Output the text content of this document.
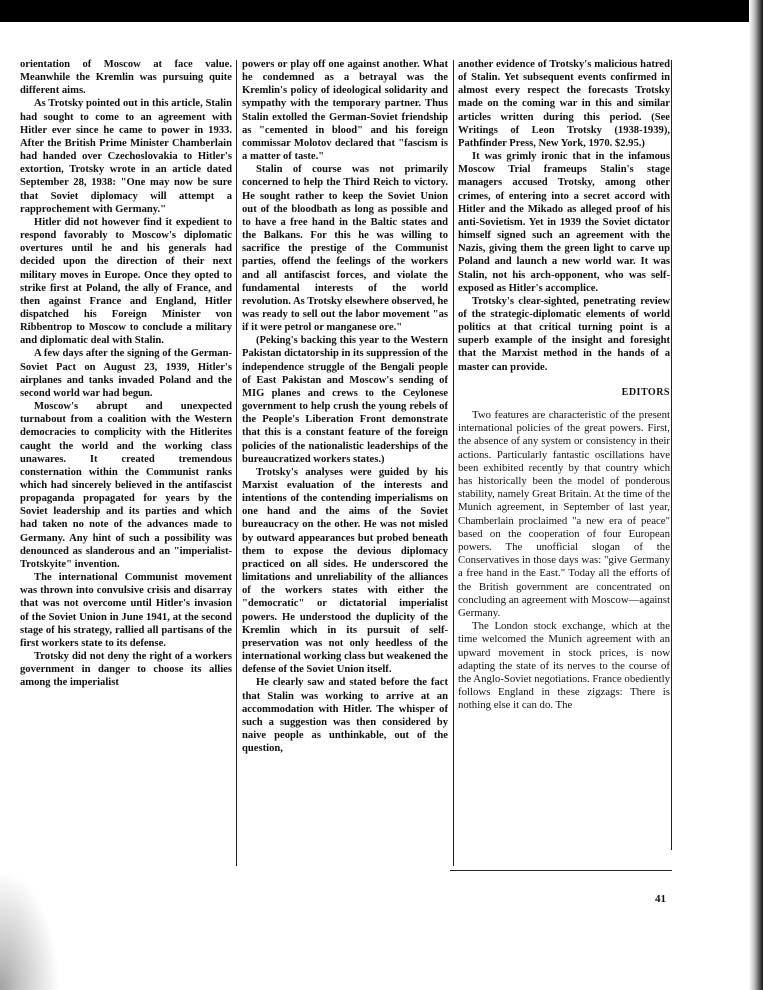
orientation of Moscow at face value. Meanwhile the Kremlin was pursuing quite different aims.

As Trotsky pointed out in this article, Stalin had sought to come to an agreement with Hitler ever since he came to power in 1933. After the British Prime Minister Chamberlain had handed over Czechoslovakia to Hitler's extortion, Trotsky wrote in an article dated September 28, 1938: "One may now be sure that Soviet diplomacy will attempt a rapprochement with Germany."

Hitler did not however find it expedient to respond favorably to Moscow's diplomatic overtures until he and his generals had decided upon the direction of their next military moves in Europe. Once they opted to strike first at Poland, the ally of France, and then against France and England, Hitler dispatched his Foreign Minister von Ribbentrop to Moscow to conclude a military and diplomatic deal with Stalin.

A few days after the signing of the German-Soviet Pact on August 23, 1939, Hitler's airplanes and tanks invaded Poland and the second world war had begun.

Moscow's abrupt and unexpected turnabout from a coalition with the Western democracies to complicity with the Hitlerites caught the world and the working class unawares. It created tremendous consternation within the Communist ranks which had sincerely believed in the antifascist propaganda propagated for years by the Soviet leadership and its parties and which had taken no note of the advances made to Germany. Any hint of such a possibility was denounced as slanderous and an "imperialist-Trotskyite" invention.

The international Communist movement was thrown into convulsive crisis and disarray that was not overcome until Hitler's invasion of the Soviet Union in June 1941, at the second stage of his strategy, rallied all partisans of the first workers state to its defense.

Trotsky did not deny the right of a workers government in danger to choose its allies among the imperialist

powers or play off one against another. What he condemned as a betrayal was the Kremlin's policy of ideological solidarity and sympathy with the temporary partner. Thus Stalin extolled the German-Soviet friendship as "cemented in blood" and his foreign commissar Molotov declared that "fascism is a matter of taste."

Stalin of course was not primarily concerned to help the Third Reich to victory. He sought rather to keep the Soviet Union out of the bloodbath as long as possible and to have a free hand in the Baltic states and the Balkans. For this he was willing to sacrifice the prestige of the Communist parties, offend the feelings of the workers and all antifascist forces, and violate the fundamental interests of the world revolution. As Trotsky elsewhere observed, he was ready to sell out the labor movement "as if it were petrol or manganese ore."

(Peking's backing this year to the Western Pakistan dictatorship in its suppression of the independence struggle of the Bengali people of East Pakistan and Moscow's sending of MIG planes and crews to the Ceylonese government to help crush the young rebels of the People's Liberation Front demonstrate that this is a constant feature of the foreign policies of the nationalistic leaderships of the bureaucratized workers states.)

Trotsky's analyses were guided by his Marxist evaluation of the interests and intentions of the contending imperialisms on one hand and the aims of the Soviet bureaucracy on the other. He was not misled by outward appearances but probed beneath them to expose the devious diplomacy practiced on all sides. He underscored the limitations and unreliability of the alliances of the workers states with either the "democratic" or dictatorial imperialist powers. He understood the duplicity of the Kremlin which in its pursuit of self-preservation was not only heedless of the international working class but weakened the defense of the Soviet Union itself.

He clearly saw and stated before the fact that Stalin was working to arrive at an accommodation with Hitler. The whisper of such a suggestion was then considered by naive people as unthinkable, out of the question,

another evidence of Trotsky's malicious hatred of Stalin. Yet subsequent events confirmed in almost every respect the forecasts Trotsky made on the coming war in this and similar articles written during this period. (See Writings of Leon Trotsky (1938-1939), Pathfinder Press, New York, 1970. $2.95.)

It was grimly ironic that in the infamous Moscow Trial frameups Stalin's stage managers accused Trotsky, among other crimes, of entering into a secret accord with Hitler and the Mikado as alleged proof of his anti-Sovietism. Yet in 1939 the Soviet dictator himself signed such an agreement with the Nazis, giving them the green light to carve up Poland and launch a new world war. It was Stalin, not his arch-opponent, who was self-exposed as Hitler's accomplice.

Trotsky's clear-sighted, penetrating review of the strategic-diplomatic elements of world politics at that critical turning point is a superb example of the insight and foresight that the Marxist method in the hands of a master can provide.

EDITORS

Two features are characteristic of the present international policies of the great powers. First, the absence of any system or consistency in their actions. Particularly fantastic oscillations have been exhibited recently by that country which has historically been the model of ponderous stability, namely Great Britain. At the time of the Munich agreement, in September of last year, Chamberlain proclaimed "a new era of peace" based on the cooperation of four European powers. The unofficial slogan of the Conservatives in those days was: "give Germany a free hand in the East." Today all the efforts of the British government are concentrated on concluding an agreement with Moscow—against Germany.

The London stock exchange, which at the time welcomed the Munich agreement with an upward movement in stock prices, is now adapting the state of its nerves to the course of the Anglo-Soviet negotiations. France obediently follows England in these zigzags: There is nothing else it can do. The

41
